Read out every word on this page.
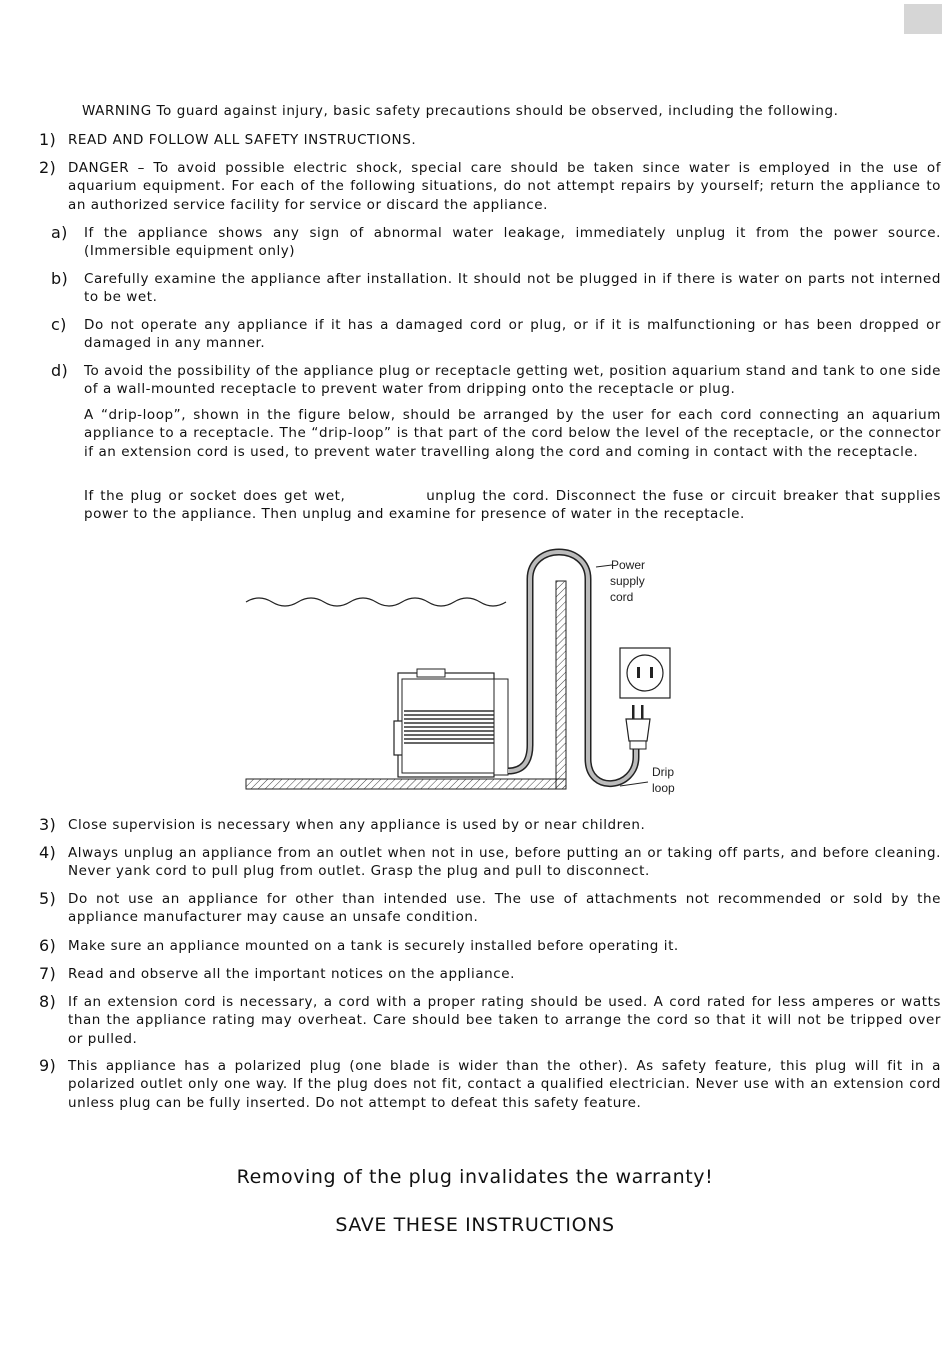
WARNING To guard against injury, basic safety precautions should be observed, including the following.
1) READ AND FOLLOW ALL SAFETY INSTRUCTIONS.
2) DANGER – To avoid possible electric shock, special care should be taken since water is employed in the use of aquarium equipment. For each of the following situations, do not attempt repairs by yourself; return the appliance to an authorized service facility for service or discard the appliance.
a) If the appliance shows any sign of abnormal water leakage, immediately unplug it from the power source. (Immersible equipment only)
b) Carefully examine the appliance after installation. It should not be plugged in if there is water on parts not interned to be wet.
c) Do not operate any appliance if it has a damaged cord or plug, or if it is malfunctioning or has been dropped or damaged in any manner.
d) To avoid the possibility of the appliance plug or receptacle getting wet, position aquarium stand and tank to one side of a wall-mounted receptacle to prevent water from dripping onto the receptacle or plug.
A “drip-loop”, shown in the figure below, should be arranged by the user for each cord connecting an aquarium appliance to a receptacle. The “drip-loop” is that part of the cord below the level of the receptacle, or the connector if an extension cord is used, to prevent water travelling along the cord and coming in contact with the receptacle.
If the plug or socket does get wet,	unplug the cord. Disconnect the fuse or circuit breaker that supplies power to the appliance. Then unplug and examine for presence of water in the receptacle.
Power
supply
cord
Drip
loop
3) Close supervision is necessary when any appliance is used by or near children.
4) Always unplug an appliance from an outlet when not in use, before putting an or taking off parts, and before cleaning. Never yank cord to pull plug from outlet. Grasp the plug and pull to disconnect.
5) Do not use an appliance for other than intended use. The use of attachments not recommended or sold by the appliance manufacturer may cause an unsafe condition.
6) Make sure an appliance mounted on a tank is securely installed before operating it.
7) Read and observe all the important notices on the appliance.
8) If an extension cord is necessary, a cord with a proper rating should be used. A cord rated for less amperes or watts than the appliance rating may overheat. Care should bee taken to arrange the cord so that it will not be tripped over or pulled.
9) This appliance has a polarized plug (one blade is wider than the other). As safety feature, this plug will fit in a polarized outlet only one way. If the plug does not fit, contact a qualified electrician. Never use with an extension cord unless plug can be fully inserted. Do not attempt to defeat this safety feature.
Removing of the plug invalidates the warranty!
SAVE THESE INSTRUCTIONS
